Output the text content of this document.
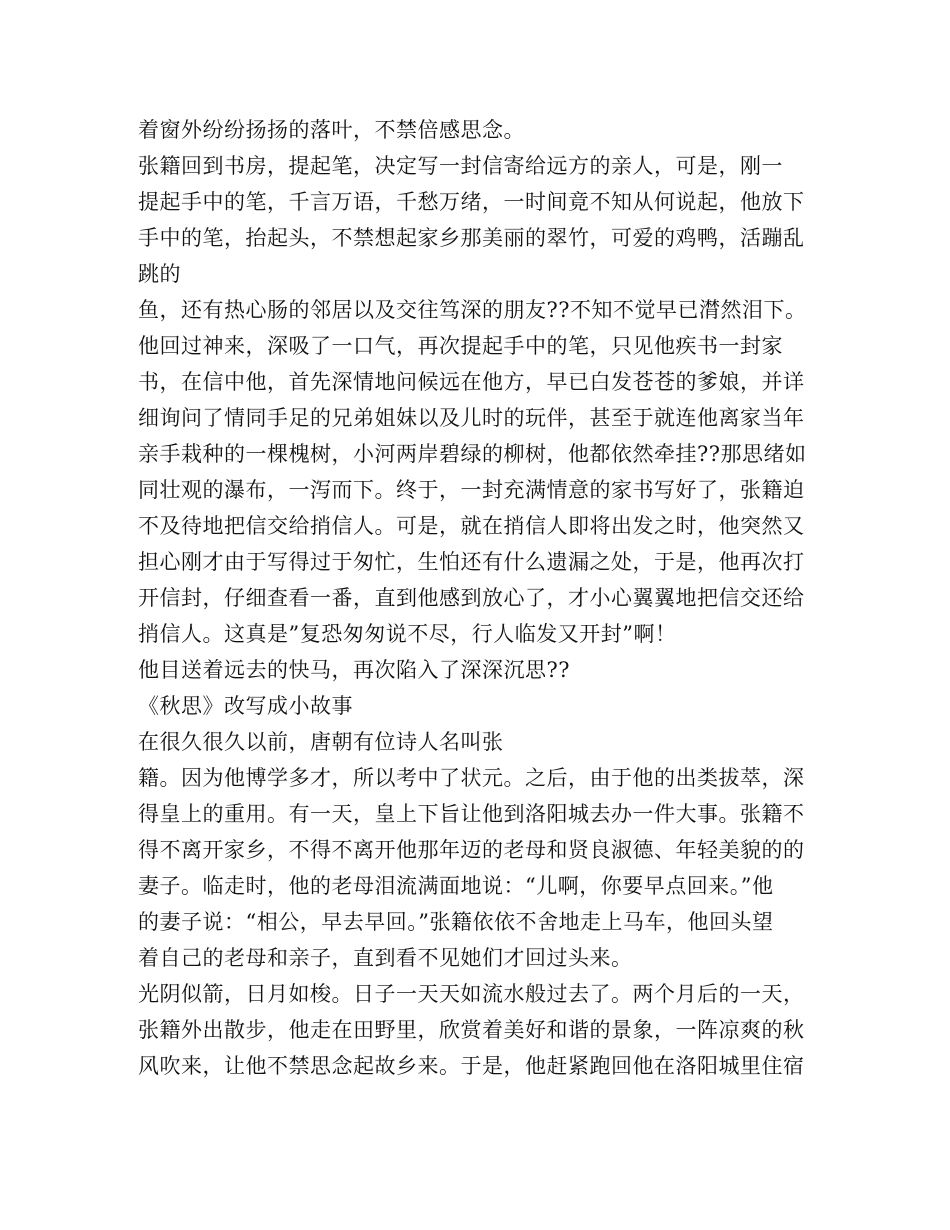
着窗外纷纷扬扬的落叶，不禁倍感思念。
张籍回到书房，提起笔，决定写一封信寄给远方的亲人，可是，刚一
提起手中的笔，千言万语，千愁万绪，一时间竟不知从何说起，他放下
手中的笔，抬起头，不禁想起家乡那美丽的翠竹，可爱的鸡鸭，活蹦乱
跳的
鱼，还有热心肠的邻居以及交往笃深的朋友??不知不觉早已潸然泪下。
他回过神来，深吸了一口气，再次提起手中的笔，只见他疾书一封家
书，在信中他，首先深情地问候远在他方，早已白发苍苍的爹娘，并详
细询问了情同手足的兄弟姐妹以及儿时的玩伴，甚至于就连他离家当年
亲手栽种的一棵槐树，小河两岸碧绿的柳树，他都依然牵挂??那思绪如
同壮观的瀑布，一泻而下。终于，一封充满情意的家书写好了，张籍迫
不及待地把信交给捎信人。可是，就在捎信人即将出发之时，他突然又
担心刚才由于写得过于匆忙，生怕还有什么遗漏之处，于是，他再次打
开信封，仔细查看一番，直到他感到放心了，才小心翼翼地把信交还给
捎信人。这真是”复恐匆匆说不尽，行人临发又开封”啊！
他目送着远去的快马，再次陷入了深深沉思??
《秋思》改写成小故事
在很久很久以前，唐朝有位诗人名叫张
籍。因为他博学多才，所以考中了状元。之后，由于他的出类拔萃，深
得皇上的重用。有一天，皇上下旨让他到洛阳城去办一件大事。张籍不
得不离开家乡，不得不离开他那年迈的老母和贤良淑德、年轻美貌的的
妻子。临走时，他的老母泪流满面地说：“儿啊，你要早点回来。”他
的妻子说：“相公，早去早回。”张籍依依不舍地走上马车，他回头望
着自己的老母和亲子，直到看不见她们才回过头来。
光阴似箭，日月如梭。日子一天天如流水般过去了。两个月后的一天，
张籍外出散步，他走在田野里，欣赏着美好和谐的景象，一阵凉爽的秋
风吹来，让他不禁思念起故乡来。于是，他赶紧跑回他在洛阳城里住宿
